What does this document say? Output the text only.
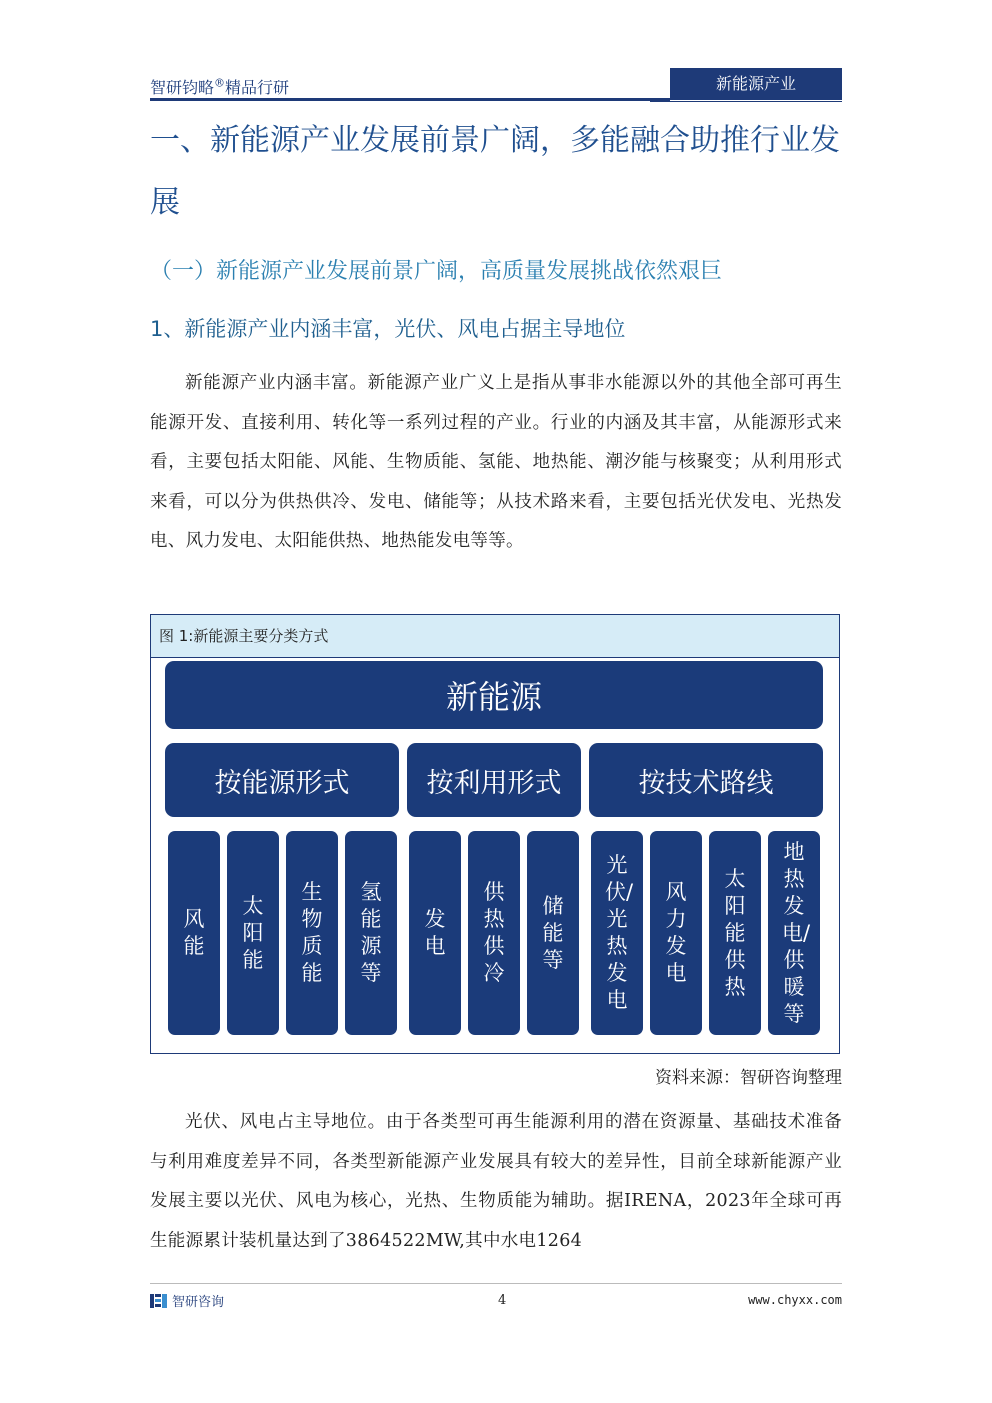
智研钧略®精品行研	新能源产业
一、新能源产业发展前景广阔，多能融合助推行业发展
（一）新能源产业发展前景广阔，高质量发展挑战依然艰巨
1、新能源产业内涵丰富，光伏、风电占据主导地位
新能源产业内涵丰富。新能源产业广义上是指从事非水能源以外的其他全部可再生能源开发、直接利用、转化等一系列过程的产业。行业的内涵及其丰富，从能源形式来看，主要包括太阳能、风能、生物质能、氢能、地热能、潮汐能与核聚变；从利用形式来看，可以分为供热供冷、发电、储能等；从技术路来看，主要包括光伏发电、光热发电、风力发电、太阳能供热、地热能发电等等。
图 1:新能源主要分类方式
新能源
按能源形式	按利用形式	按技术路线
风能
太阳能
生物质能
氢能源等
发电
供热供冷
储能等
光伏/光热发电
风力发电
太阳能供热
地热发电/供暖等
资料来源：智研咨询整理
光伏、风电占主导地位。由于各类型可再生能源利用的潜在资源量、基础技术准备与利用难度差异不同，各类型新能源产业发展具有较大的差异性，目前全球新能源产业发展主要以光伏、风电为核心，光热、生物质能为辅助。据IRENA，2023年全球可再生能源累计装机量达到了3864522MW,其中水电1264
智研咨询	4	www.chyxx.com
